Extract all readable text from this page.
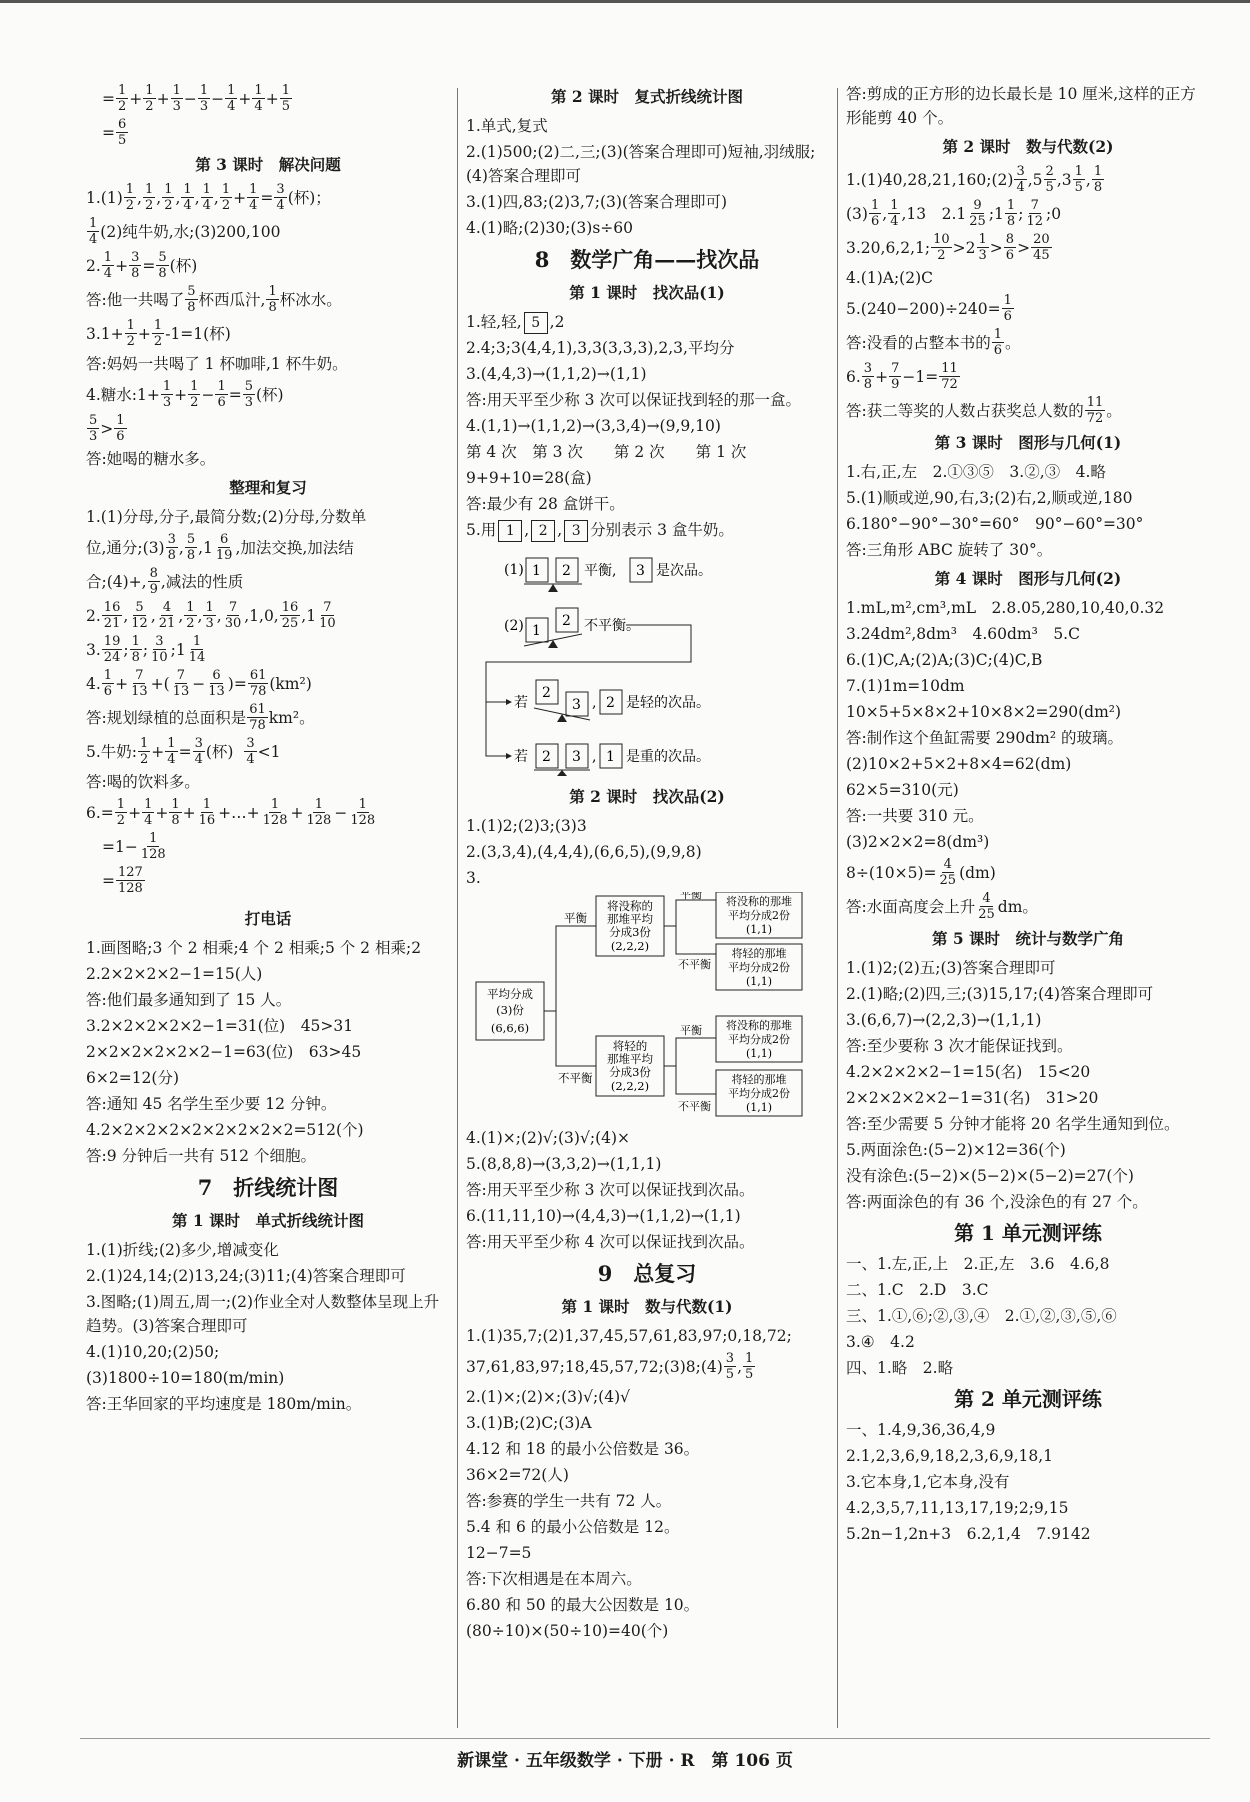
= $\frac{1}{2} + \frac{1}{2} + \frac{1}{3} - \frac{1}{3} - \frac{1}{4} + \frac{1}{4} + \frac{1}{5}$
= $\frac{6}{5}$
第 3 课时　解决问题
$1.(1) \frac{1}{2}$ , $\frac{1}{2}$ , $\frac{1}{2}$ , $\frac{1}{4}$ , $\frac{1}{4}$ , $\frac{1}{2} + \frac{1}{4} = \frac{3}{4}$ (杯)；
$\frac{1}{4} (2)$纯牛奶,水;(3)200,100
2. $\frac{1}{4} + \frac{3}{8} = \frac{5}{8}$ (杯)
答:他一共喝了 $\frac{5}{8}$ 杯西瓜汁, $\frac{1}{8}$ 杯冰水。
$3.1+ \frac{1}{2} + \frac{1}{2} -1=1$(杯)
答:妈妈一共喝了 1 杯咖啡,1 杯牛奶。
4.糖水:1+ $\frac{1}{3} + \frac{1}{2} - \frac{1}{6} = \frac{5}{3}$ (杯)
$\frac{5}{3} > \frac{1}{6}$
答:她喝的糖水多。
整理和复习
1.(1)分母,分子,最简分数;(2)分母,分数单
位,通分;(3) $\frac{3}{8}$ , $\frac{5}{8} ,1 \frac{6}{19}$ ,加法交换,加法结
合;(4)+, $\frac{8}{9}$ ,减法的性质
2. $\frac{16}{21}$ , $\frac{5}{12}$ , $\frac{4}{21}$ , $\frac{1}{2}$ , $\frac{1}{3}$ , $\frac{7}{30} ,1,0$, $\frac{16}{25} ,1 \frac{7}{10}$
3. $\frac{19}{24}$ ; $\frac{1}{8}$ ; $\frac{3}{10}$ ;1 $\frac{1}{14}$
4. $\frac{1}{6} + \frac{7}{13}$ +( $\frac{7}{13} - \frac{6}{13}$ )= $\frac{61}{78} (km^2)$
答:规划绿植的总面积是 $\frac{61}{78} km^2$。
5.牛奶: $\frac{1}{2} + \frac{1}{4} = \frac{3}{4}$ (杯)
$\frac{3}{4} <1$
答:喝的饮料多。
$6.= \frac{1}{2} + \frac{1}{4} + \frac{1}{8} + \frac{1}{16}$ +…+ $\frac{1}{128} + \frac{1}{128} - \frac{1}{128}$
$=1- \frac{1}{128}$
= $\frac{127}{128}$
打电话
1.画图略;3 个 2 相乘;4 个 2 相乘;5 个 2 相乘;2
2.2×2×2×2−1=15(人)
答:他们最多通知到了 15 人。
3.2×2×2×2×2−1=31(位)　45>31
2×2×2×2×2×2−1=63(位)　63>45
6×2=12(分)
答:通知 45 名学生至少要 12 分钟。
4.2×2×2×2×2×2×2×2×2=512(个)
答:9 分钟后一共有 512 个细胞。
7　折线统计图
第 1 课时　单式折线统计图
1.(1)折线;(2)多少,增减变化
2.(1)24,14;(2)13,24;(3)11;(4)答案合理即可
3.图略;(1)周五,周一;(2)作业全对人数整体呈现上升趋势。(3)答案合理即可
4.(1)10,20;(2)50;
(3)1800÷10=180(m/min)
答:王华回家的平均速度是 180m/min。
第 2 课时　复式折线统计图
1.单式,复式
2.(1)500;(2)二,三;(3)(答案合理即可)短袖,羽绒服;(4)答案合理即可
3.(1)四,83;(2)3,7;(3)(答案合理即可)
4.(1)略;(2)30;(3)s÷60
8　数学广角——找次品
第 1 课时　找次品(1)
1.轻,轻, 5 ,2
2.4;3;3(4,4,1),3,3(3,3,3),2,3,平均分
3.(4,4,3)→(1,1,2)→(1,1)
答:用天平至少称 3 次可以保证找到轻的那一盒。
4.(1,1)→(1,1,2)→(3,3,4)→(9,9,10)
第 4 次　第 3 次　　第 2 次　　第 1 次
9+9+10=28(盒)
答:最少有 28 盒饼干。
5.用 1 , 2 , 3 分别表示 3 盒牛奶。
(1) 1 2 平衡, 3 是次品。
(2) 1
2 不平衡。
若
2
3 , 2 是轻的次品。
若 2 3 , 1 是重的次品。
第 2 课时　找次品(2)
1.(1)2;(2)3;(3)3
2.(3,3,4),(4,4,4),(6,6,5),(9,9,8)
3.
平均分成
(3)份
(6,6,6)
平衡
不平衡
将没称的
那堆平均
分成3份
(2,2,2)
将轻的
那堆平均
分成3份
(2,2,2)
平衡
不平衡
平衡
不平衡
将没称的那堆
平均分成2份
(1,1)
将轻的那堆
平均分成2份
(1,1)
将没称的那堆
平均分成2份
(1,1)
将轻的那堆
平均分成2份
(1,1)
4.(1)×;(2)√;(3)√;(4)×
5.(8,8,8)→(3,3,2)→(1,1,1)
答:用天平至少称 3 次可以保证找到次品。
6.(11,11,10)→(4,4,3)→(1,1,2)→(1,1)
答:用天平至少称 4 次可以保证找到次品。
9　总复习
第 1 课时　数与代数(1)
1.(1)35,7;(2)1,37,45,57,61,83,97;0,18,72;
37,61,83,97;18,45,57,72;(3)8;(4) $\frac{3}{5}$ , $\frac{1}{5}$
2.(1)×;(2)×;(3)√;(4)√
3.(1)B;(2)C;(3)A
4.12 和 18 的最小公倍数是 36。
36×2=72(人)
答:参赛的学生一共有 72 人。
5.4 和 6 的最小公倍数是 12。
12−7=5
答:下次相遇是在本周六。
6.80 和 50 的最大公因数是 10。
(80÷10)×(50÷10)=40(个)
答:剪成的正方形的边长最长是 10 厘米,这样的正方形能剪 40 个。
第 2 课时　数与代数(2)
1.(1)40,28,21,160;(2) $\frac{3}{4} ,5 \frac{2}{5} ,3 \frac{1}{5}$ , $\frac{1}{8}$
$(3) \frac{1}{6}$ , $\frac{1}{4} ,13$　$2.1 \frac{9}{25}$ ;1 $\frac{1}{8}$ ; $\frac{7}{12}$ ;0
3.20,6,2,1; $\frac{10}{2} >2 \frac{1}{3} > \frac{8}{6} > \frac{20}{45}$
4.(1)A;(2)C
$5.(240-200)\div 240= \frac{1}{6}$
答:没看的占整本书的 $\frac{1}{6}$ 。
6. $\frac{3}{8} + \frac{7}{9} -1= \frac{11}{72}$
答:获二等奖的人数占获奖总人数的 $\frac{11}{72}$ 。
第 3 课时　图形与几何(1)
1.右,正,左　2.①③⑤　3.②,③　4.略
5.(1)顺或逆,90,右,3;(2)右,2,顺或逆,180
6.180°−90°−30°=60°　90°−60°=30°
答:三角形 ABC 旋转了 30°。
第 4 课时　图形与几何(2)
1.mL,m²,cm³,mL　2.8.05,280,10,40,0.32
3.24dm²,8dm³　4.60dm³　5.C
6.(1)C,A;(2)A;(3)C;(4)C,B
7.(1)1m=10dm
10×5+5×8×2+10×8×2=290(dm²)
答:制作这个鱼缸需要 290dm² 的玻璃。
(2)10×2+5×2+8×4=62(dm)
62×5=310(元)
答:一共要 310 元。
(3)2×2×2=8(dm³)
$8\div(10\times 5)= \frac{4}{25} (dm)$
答:水面高度会上升 $\frac{4}{25}$ dm。
第 5 课时　统计与数学广角
1.(1)2;(2)五;(3)答案合理即可
2.(1)略;(2)四,三;(3)15,17;(4)答案合理即可
3.(6,6,7)→(2,2,3)→(1,1,1)
答:至少要称 3 次才能保证找到。
4.2×2×2×2−1=15(名)　15<20
2×2×2×2×2−1=31(名)　31>20
答:至少需要 5 分钟才能将 20 名学生通知到位。
5.两面涂色:(5−2)×12=36(个)
没有涂色:(5−2)×(5−2)×(5−2)=27(个)
答:两面涂色的有 36 个,没涂色的有 27 个。
第 1 单元测评练
一、1.左,正,上　2.正,左　3.6　4.6,8
二、1.C　2.D　3.C
三、1.①,⑥;②,③,④　2.①,②,③,⑤,⑥
3.④　4.2
四、1.略　2.略
第 2 单元测评练
一、1.4,9,36,36,4,9
2.1,2,3,6,9,18,2,3,6,9,18,1
3.它本身,1,它本身,没有
4.2,3,5,7,11,13,17,19;2;9,15
5.2n−1,2n+3　6.2,1,4　7.9142
新课堂 · 五年级数学 · 下册 · R　第 106 页
